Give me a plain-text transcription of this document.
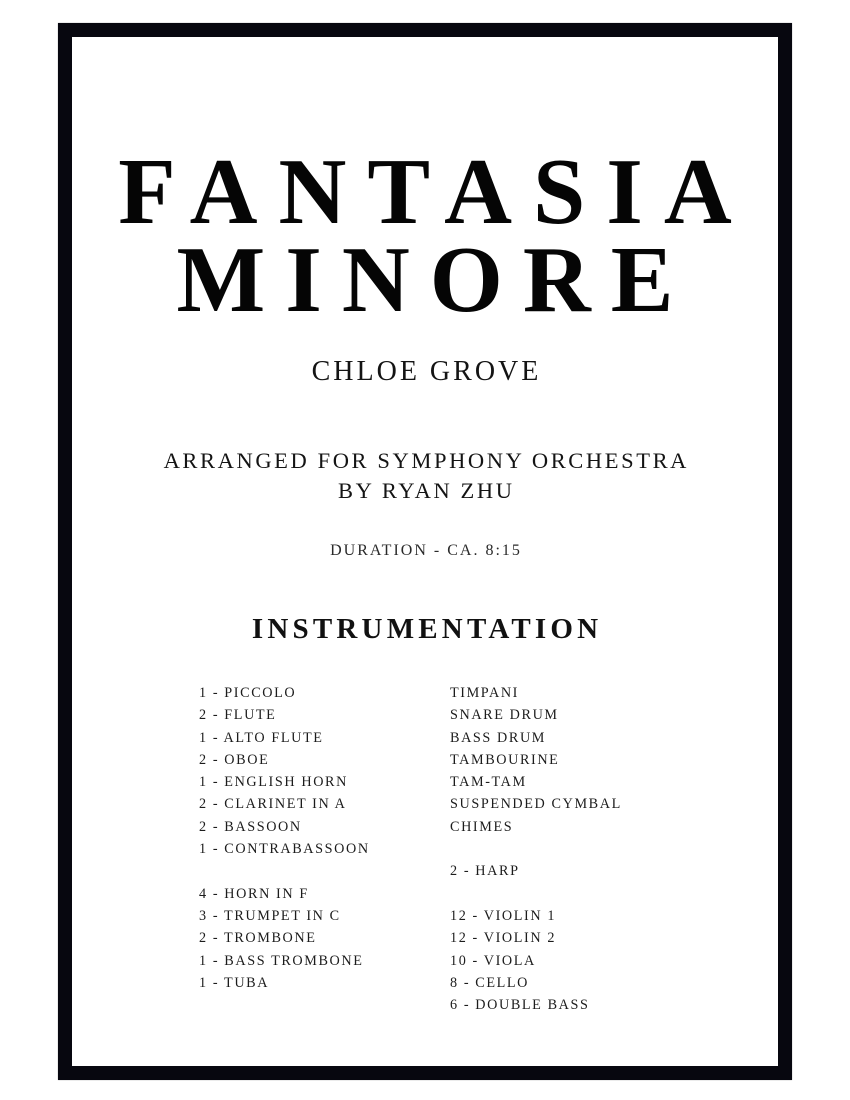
FANTASIA
MINORE
CHLOE GROVE
ARRANGED FOR SYMPHONY ORCHESTRA
BY RYAN ZHU
DURATION - CA. 8:15
INSTRUMENTATION
1 - PICCOLO
2 - FLUTE
1 - ALTO FLUTE
2 - OBOE
1 - ENGLISH HORN
2 - CLARINET IN A
2 - BASSOON
1 - CONTRABASSOON
4 - HORN IN F
3 - TRUMPET IN C
2 - TROMBONE
1 - BASS TROMBONE
1 - TUBA
TIMPANI
SNARE DRUM
BASS DRUM
TAMBOURINE
TAM-TAM
SUSPENDED CYMBAL
CHIMES
2 - HARP
12 - VIOLIN 1
12 - VIOLIN 2
10 - VIOLA
8 - CELLO
6 - DOUBLE BASS
